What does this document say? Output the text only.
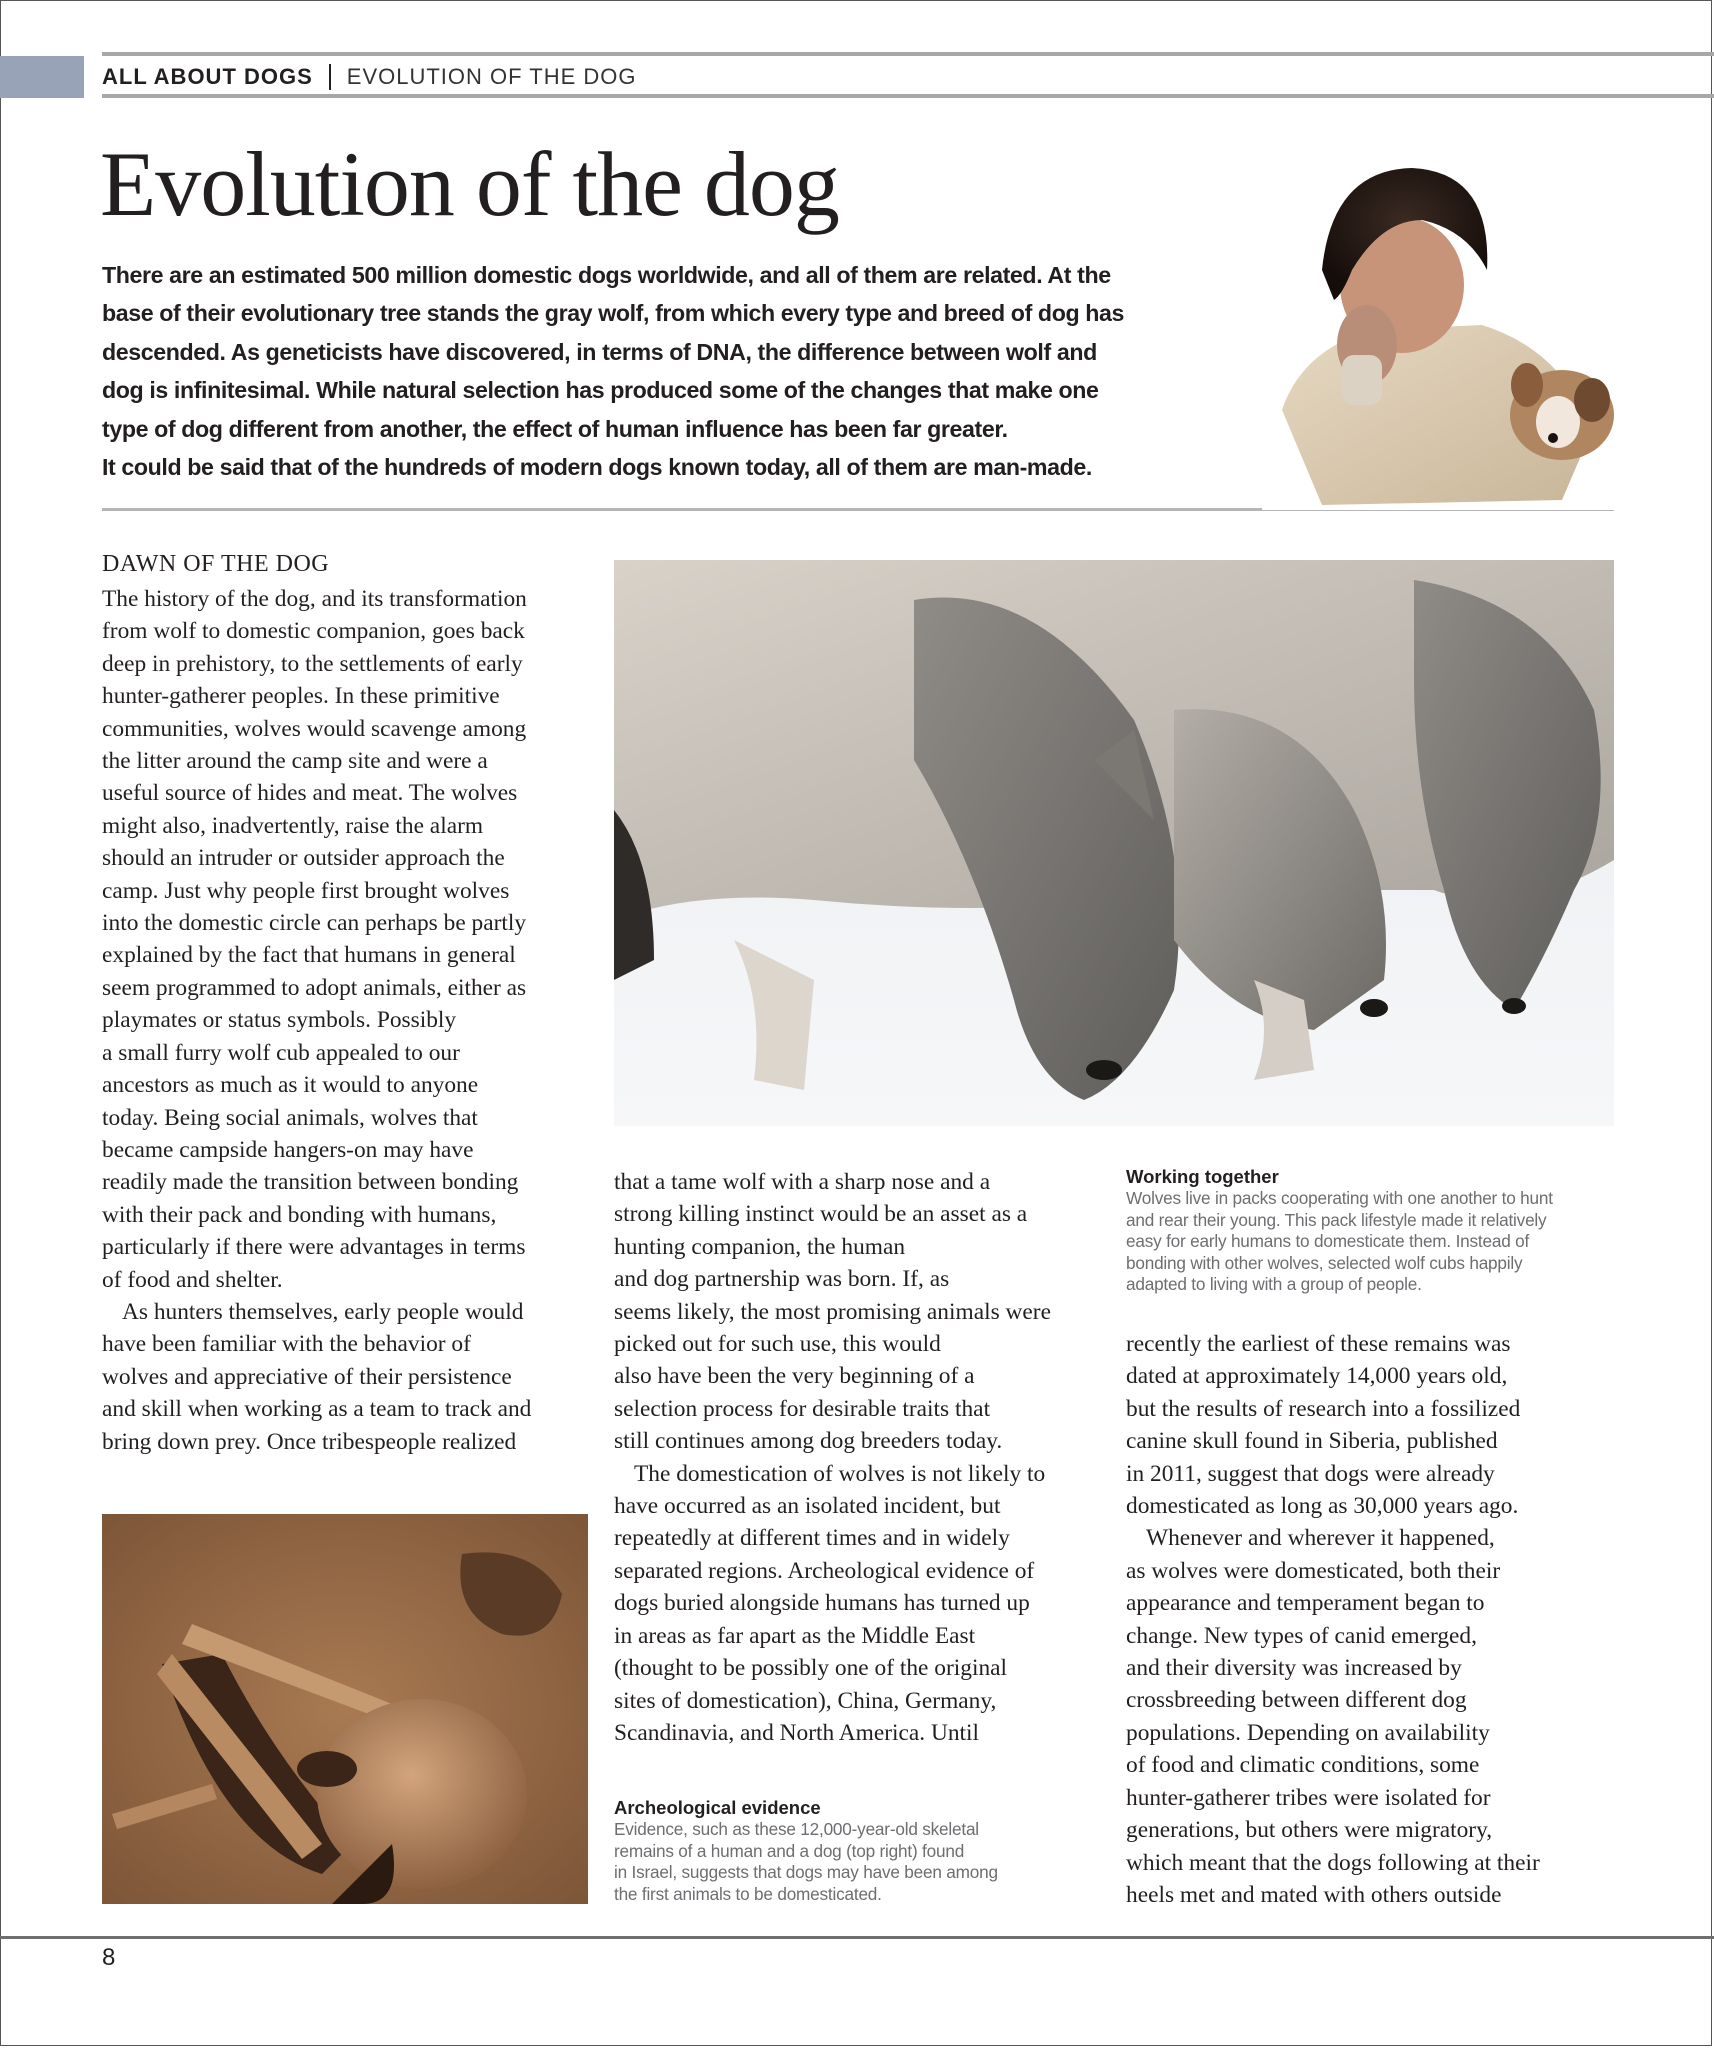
ALL ABOUT DOGS EVOLUTION OF THE DOG
Evolution of the dog

There are an estimated 500 million domestic dogs worldwide, and all of them are related. At the
base of their evolutionary tree stands the gray wolf, from which every type and breed of dog has
descended. As geneticists have discovered, in terms of DNA, the difference between wolf and
dog is infinitesimal. While natural selection has produced some of the changes that make one
type of dog different from another, the effect of human influence has been far greater.
It could be said that of the hundreds of modern dogs known today, all of them are man-made.

DAWN OF THE DOG
The history of the dog, and its transformation
from wolf to domestic companion, goes back
deep in prehistory, to the settlements of early
hunter-gatherer peoples. In these primitive
communities, wolves would scavenge among
the litter around the camp site and were a
useful source of hides and meat. The wolves
might also, inadvertently, raise the alarm
should an intruder or outsider approach the
camp. Just why people first brought wolves
into the domestic circle can perhaps be partly
explained by the fact that humans in general
seem programmed to adopt animals, either as
playmates or status symbols. Possibly
a small furry wolf cub appealed to our
ancestors as much as it would to anyone
today. Being social animals, wolves that
became campside hangers-on may have
readily made the transition between bonding
with their pack and bonding with humans,
particularly if there were advantages in terms
of food and shelter.
As hunters themselves, early people would
have been familiar with the behavior of
wolves and appreciative of their persistence
and skill when working as a team to track and
bring down prey. Once tribespeople realized
Working together
Wolves live in packs cooperating with one another to hunt
and rear their young. This pack lifestyle made it relatively
easy for early humans to domesticate them. Instead of
bonding with other wolves, selected wolf cubs happily
adapted to living with a group of people.
that a tame wolf with a sharp nose and a
strong killing instinct would be an asset as a
hunting companion, the human
and dog partnership was born. If, as
seems likely, the most promising animals were
picked out for such use, this would
also have been the very beginning of a
selection process for desirable traits that
still continues among dog breeders today.
The domestication of wolves is not likely to
have occurred as an isolated incident, but
repeatedly at different times and in widely
separated regions. Archeological evidence of
dogs buried alongside humans has turned up
in areas as far apart as the Middle East
(thought to be possibly one of the original
sites of domestication), China, Germany,
Scandinavia, and North America. Until
Archeological evidence
Evidence, such as these 12,000-year-old skeletal
remains of a human and a dog (top right) found
in Israel, suggests that dogs may have been among
the first animals to be domesticated.
recently the earliest of these remains was
dated at approximately 14,000 years old,
but the results of research into a fossilized
canine skull found in Siberia, published
in 2011, suggest that dogs were already
domesticated as long as 30,000 years ago.
Whenever and wherever it happened,
as wolves were domesticated, both their
appearance and temperament began to
change. New types of canid emerged,
and their diversity was increased by
crossbreeding between different dog
populations. Depending on availability
of food and climatic conditions, some
hunter-gatherer tribes were isolated for
generations, but others were migratory,
which meant that the dogs following at their
heels met and mated with others outside
8
